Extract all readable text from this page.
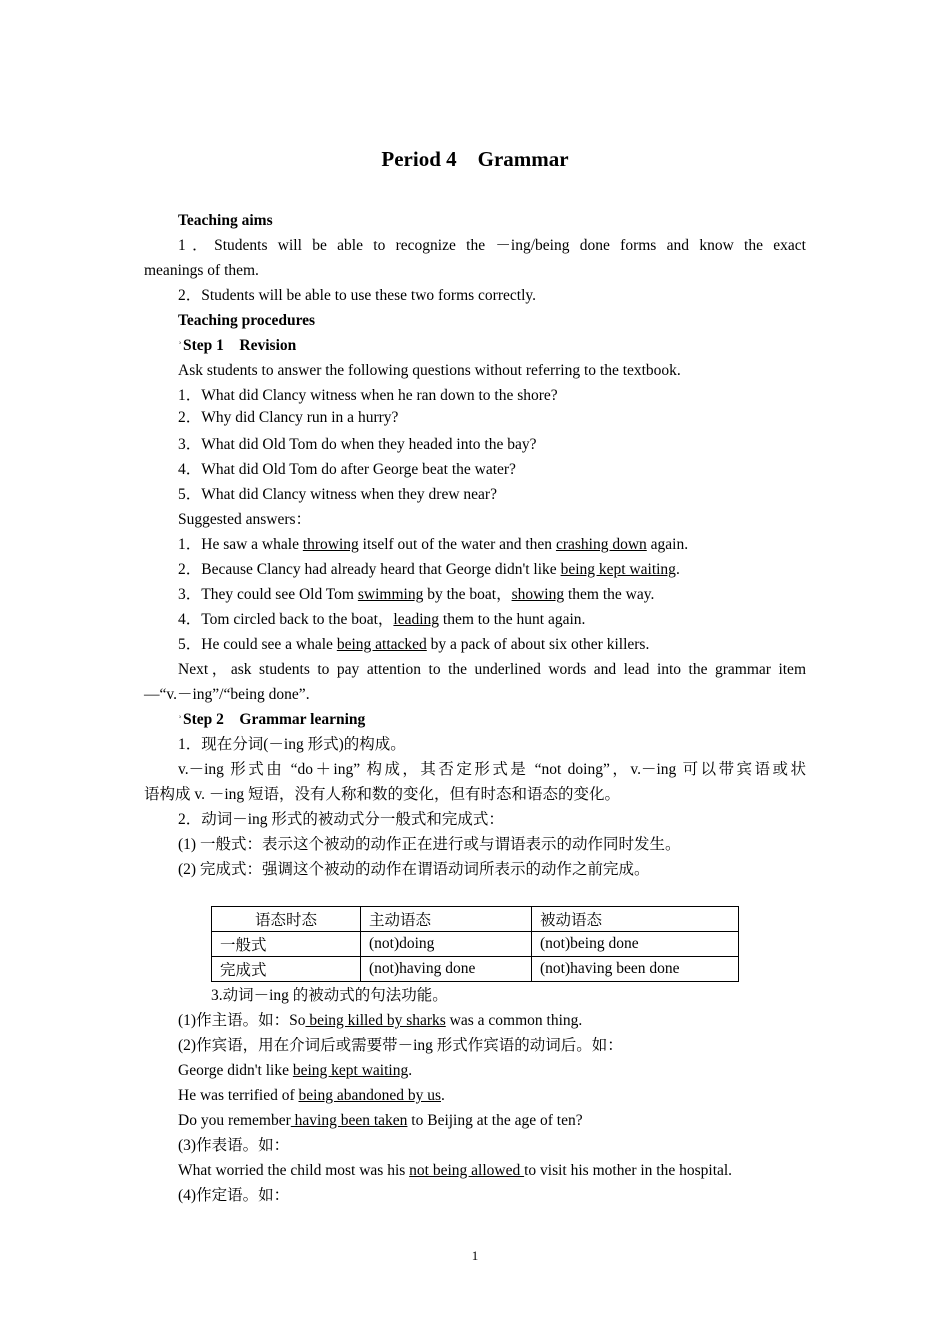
Period 4　Grammar
Teaching aims
1．Students will be able to recognize the －ing/being done forms and know the exact
meanings of them.
2．Students will be able to use these two forms correctly.
Teaching procedures
ʾStep 1　Revision
Ask students to answer the following questions without referring to the textbook.
1．What did Clancy witness when he ran down to the shore?
2．Why did Clancy run in a hurry?
3．What did Old Tom do when they headed into the bay?
4．What did Old Tom do after George beat the water?
5．What did Clancy witness when they drew near?
Suggested answers：
1．He saw a whale throwing itself out of the water and then crashing down again.
2．Because Clancy had already heard that George didn't like being kept waiting.
3．They could see Old Tom swimming by the boat，showing them the way.
4．Tom circled back to the boat，leading them to the hunt again.
5．He could see a whale being attacked by a pack of about six other killers.
Next，ask students to pay attention to the underlined words and lead into the grammar item
—“v.－ing”/“being done”.
ʾStep 2　Grammar learning
1．现在分词(－ing 形式)的构成。
v.－ing 形式由 “do＋ing” 构成，其否定形式是 “not doing”，v.－ing 可以带宾语或状
语构成 v. －ing 短语，没有人称和数的变化，但有时态和语态的变化。
2．动词－ing 形式的被动式分一般式和完成式：
(1) 一般式：表示这个被动的动作正在进行或与谓语表示的动作同时发生。
(2) 完成式：强调这个被动的动作在谓语动词所表示的动作之前完成。
语态时态	主动语态	被动语态
一般式	(not)doing	(not)being done
完成式	(not)having done	(not)having been done
3.动词－ing 的被动式的句法功能。
(1)作主语。如：So being killed by sharks was a common thing.
(2)作宾语，用在介词后或需要带－ing 形式作宾语的动词后。如：
George didn't like being kept waiting.
He was terrified of being abandoned by us.
Do you remember having been taken to Beijing at the age of ten?
(3)作表语。如：
What worried the child most was his not being allowed to visit his mother in the hospital.
(4)作定语。如：
1
